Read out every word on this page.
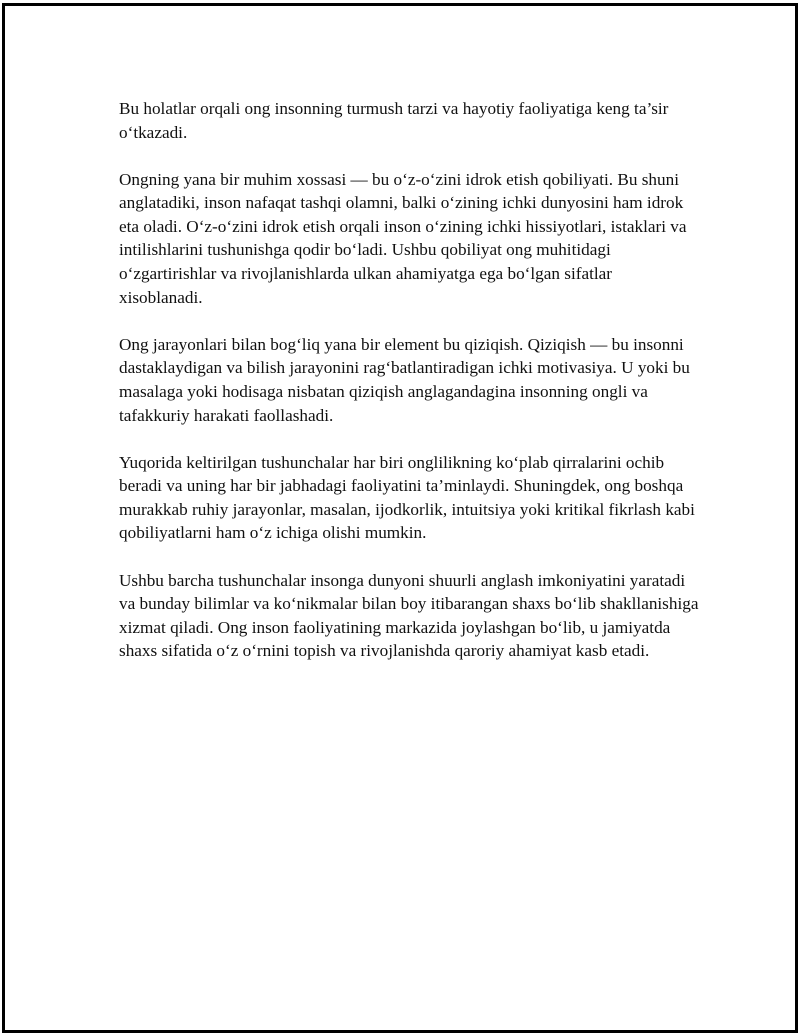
Bu holatlar orqali ong insonning turmush tarzi va hayotiy faoliyatiga keng ta’sir o‘tkazadi.

Ongning yana bir muhim xossasi — bu o‘z-o‘zini idrok etish qobiliyati. Bu shuni anglatadiki, inson nafaqat tashqi olamni, balki o‘zining ichki dunyosini ham idrok eta oladi. O‘z-o‘zini idrok etish orqali inson o‘zining ichki hissiyotlari, istaklari va intilishlarini tushunishga qodir bo‘ladi. Ushbu qobiliyat ong muhitidagi o‘zgartirishlar va rivojlanishlarda ulkan ahamiyatga ega bo‘lgan sifatlar xisoblanadi.

Ong jarayonlari bilan bog‘liq yana bir element bu qiziqish. Qiziqish — bu insonni dastaklaydigan va bilish jarayonini rag‘batlantiradigan ichki motivasiya. U yoki bu masalaga yoki hodisaga nisbatan qiziqish anglagandagina insonning ongli va tafakkuriy harakati faollashadi.

Yuqorida keltirilgan tushunchalar har biri onglilikning ko‘plab qirralarini ochib beradi va uning har bir jabhadagi faoliyatini ta’minlaydi. Shuningdek, ong boshqa murakkab ruhiy jarayonlar, masalan, ijodkorlik, intuitsiya yoki kritikal fikrlash kabi qobiliyatlarni ham o‘z ichiga olishi mumkin.

Ushbu barcha tushunchalar insonga dunyoni shuurli anglash imkoniyatini yaratadi va bunday bilimlar va ko‘nikmalar bilan boy itibarangan shaxs bo‘lib shakllanishiga xizmat qiladi. Ong inson faoliyatining markazida joylashgan bo‘lib, u jamiyatda shaxs sifatida o‘z o‘rnini topish va rivojlanishda qaroriy ahamiyat kasb etadi.
